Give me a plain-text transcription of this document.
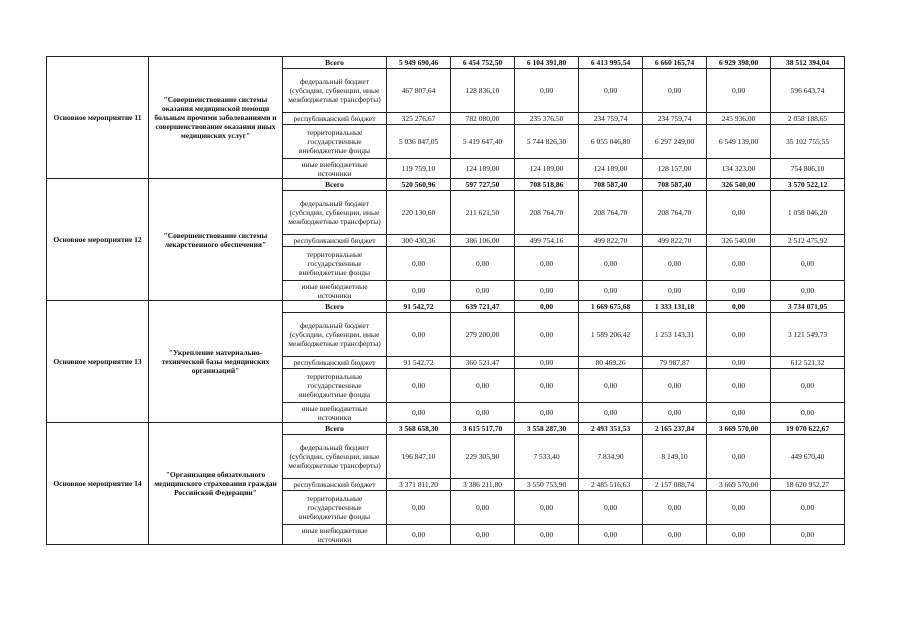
Основное мероприятие 11	"Совершенствование системы оказания медицинской помощи больным прочими заболеваниями и совершенствование оказания иных медицинских услуг"	Всего	5 949 690,46	6 454 752,50	6 104 391,80	6 413 995,54	6 660 165,74	6 929 398,00	38 512 394,04
		федеральный бюджет (субсидии, субвенции, иные межбюджетные трансферты)	467 807,64	128 836,10	0,00	0,00	0,00	0,00	596 643,74
		республиканский бюджет	325 276,67	782 080,00	235 376,50	234 759,74	234 759,74	245 936,00	2 058 188,65
		территориальные государственные внебюджетные фонды	5 036 847,05	5 419 647,40	5 744 826,30	6 055 046,80	6 297 249,00	6 549 139,00	35 102 755,55
		иные внебюджетные источники	119 759,10	124 189,00	124 189,00	124 189,00	128 157,00	134 323,00	754 806,10
Основное мероприятие 12	"Совершенствование системы лекарственного обеспечения"	Всего	520 560,96	597 727,50	708 518,86	708 587,40	708 587,40	326 540,00	3 570 522,12
		федеральный бюджет (субсидии, субвенции, иные межбюджетные трансферты)	220 130,60	211 621,50	208 764,70	208 764,70	208 764,70	0,00	1 058 046,20
		республиканский бюджет	300 430,36	386 106,00	499 754,16	499 822,70	499 822,70	326 540,00	2 512 475,92
		территориальные государственные внебюджетные фонды	0,00	0,00	0,00	0,00	0,00	0,00	0,00
		иные внебюджетные источники	0,00	0,00	0,00	0,00	0,00	0,00	0,00
Основное мероприятие 13	"Укрепление материально-технической базы медицинских организаций"	Всего	91 542,72	639 721,47	0,00	1 669 675,68	1 333 131,18	0,00	3 734 071,05
		федеральный бюджет (субсидии, субвенции, иные межбюджетные трансферты)	0,00	279 200,00	0,00	1 589 206,42	1 253 143,31	0,00	3 121 549,73
		республиканский бюджет	91 542,72	360 521,47	0,00	80 469,26	79 987,87	0,00	612 521,32
		территориальные государственные внебюджетные фонды	0,00	0,00	0,00	0,00	0,00	0,00	0,00
		иные внебюджетные источники	0,00	0,00	0,00	0,00	0,00	0,00	0,00
Основное мероприятие 14	"Организация обязательного медицинского страхования граждан Российской Федерации"	Всего	3 568 658,30	3 615 517,70	3 558 287,30	2 493 351,53	2 165 237,84	3 669 570,00	19 070 622,67
		федеральный бюджет (субсидии, субвенции, иные межбюджетные трансферты)	196 847,10	229 305,90	7 533,40	7 834,90	8 149,10	0,00	449 670,40
		республиканский бюджет	3 371 811,20	3 386 211,80	3 550 753,90	2 485 516,63	2 157 088,74	3 669 570,00	18 620 952,27
		территориальные государственные внебюджетные фонды	0,00	0,00	0,00	0,00	0,00	0,00	0,00
		иные внебюджетные источники	0,00	0,00	0,00	0,00	0,00	0,00	0,00
